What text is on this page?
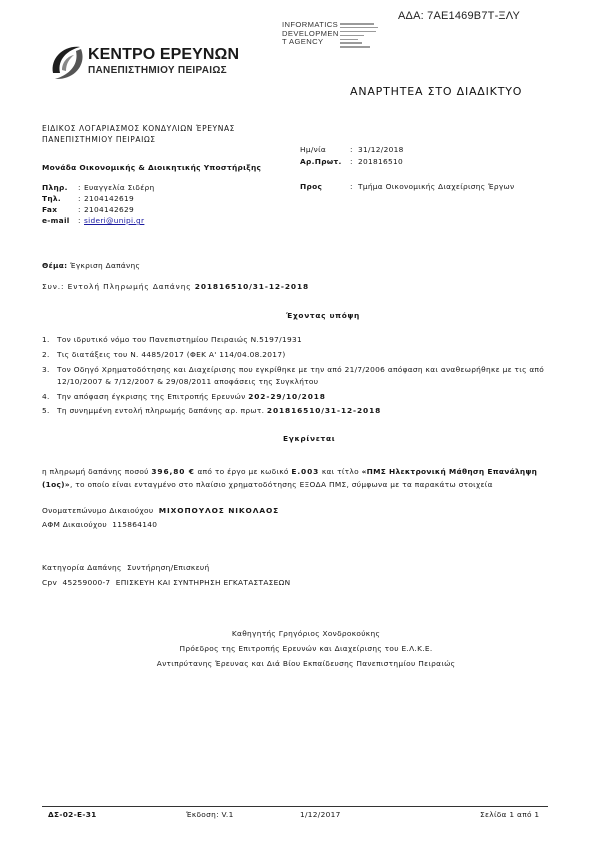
ΑΔΑ: 7ΑΕ1469Β7Τ-ΞΛΥ
INFORMATICS
DEVELOPMEN
T AGENCY
ΚΕΝΤΡΟ ΕΡΕΥΝΩΝ
ΠΑΝΕΠΙΣΤΗΜΙΟΥ ΠΕΙΡΑΙΩΣ
ΑΝΑΡΤΗΤΕΑ ΣΤΟ ΔΙΑΔΙΚΤΥΟ
ΕΙΔΙΚΟΣ ΛΟΓΑΡΙΑΣΜΟΣ ΚΟΝΔΥΛΙΩΝ ΈΡΕΥΝΑΣ
ΠΑΝΕΠΙΣΤΗΜΙΟΥ ΠΕΙΡΑΙΩΣ
Μονάδα Οικονομικής & Διοικητικής Υποστήριξης
Ημ/νία	: 31/12/2018
Αρ.Πρωτ. : 201816510
Προς	: Τμήμα Οικονομικής Διαχείρισης Έργων
Πληρ. : Ευαγγελία Σιδέρη
Τηλ. : 2104142619
Fax	: 2104142629
e-mail : sideri@unipi.gr
Θέμα: Έγκριση Δαπάνης
Συν.: Εντολή Πληρωμής Δαπάνης 201816510/31-12-2018
Έχοντας υπόψη
1. Τον ιδρυτικό νόμο του Πανεπιστημίου Πειραιώς Ν.5197/1931
2. Τις διατάξεις του Ν. 4485/2017 (ΦΕΚ Α' 114/04.08.2017)
3. Τον Οδηγό Χρηματοδότησης και Διαχείρισης που εγκρίθηκε με την από 21/7/2006 απόφαση και αναθεωρήθηκε με τις από 12/10/2007 & 7/12/2007 & 29/08/2011 αποφάσεις της Συγκλήτου
4. Την απόφαση έγκρισης της Επιτροπής Ερευνών 202-29/10/2018
5. Τη συνημμένη εντολή πληρωμής δαπάνης αρ. πρωτ. 201816510/31-12-2018
Εγκρίνεται
η πληρωμή δαπάνης ποσού 396,80 € από το έργο με κωδικό Ε.003 και τίτλο «ΠΜΣ Ηλεκτρονική Μάθηση Επανάληψη (1ος)», το οποίο είναι ενταγμένο στο πλαίσιο χρηματοδότησης ΕΞΟΔΑ ΠΜΣ, σύμφωνα με τα παρακάτω στοιχεία
Ονοματεπώνυμο Δικαιούχου ΜΙΧΟΠΟΥΛΟΣ ΝΙΚΟΛΑΟΣ
ΑΦΜ Δικαιούχου 115864140
Κατηγορία Δαπάνης Συντήρηση/Επισκευή
Cpv 45259000-7 ΕΠΙΣΚΕΥΗ ΚΑΙ ΣΥΝΤΗΡΗΣΗ ΕΓΚΑΤΑΣΤΑΣΕΩΝ
Καθηγητής Γρηγόριος Χονδροκούκης
Πρόεδρος της Επιτροπής Ερευνών και Διαχείρισης του Ε.Λ.Κ.Ε.
Αντιπρύτανης Έρευνας και Διά Βίου Εκπαίδευσης Πανεπιστημίου Πειραιώς
ΔΣ-02-Ε-31	Έκδοση: V.1	1/12/2017	Σελίδα 1 από 1
